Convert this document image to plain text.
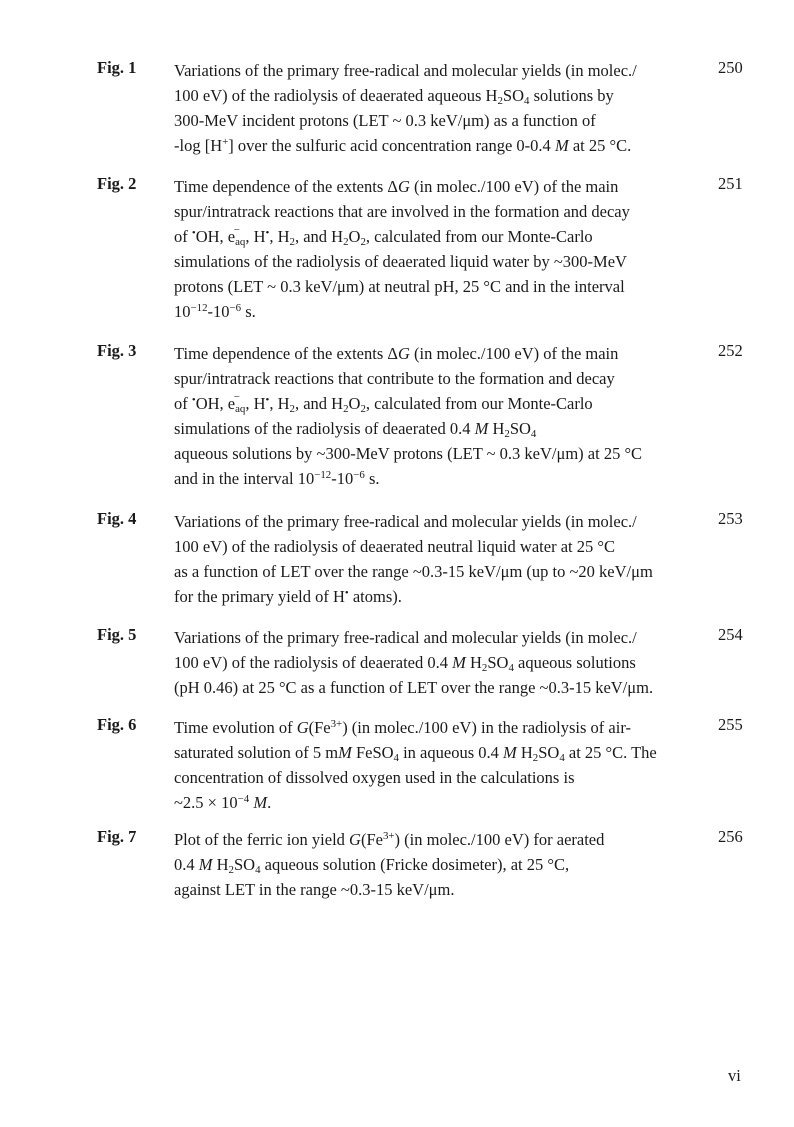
Fig. 1 Variations of the primary free-radical and molecular yields (in molec./
100 eV) of the radiolysis of deaerated aqueous $H_2SO_4$ solutions by
300-MeV incident protons (LET ~ 0.3 keV/μm) as a function of
-log [H+] over the sulfuric acid concentration range 0-0.4 M at 25 °C.
250
Fig. 2 Time dependence of the extents ΔG (in molec./100 eV) of the main
spur/intratrack reactions that are involved in the formation and decay
of •OH, $e_{aq}$
− , H•, $H_2$, and $H_2O_2$, calculated from our Monte-Carlo
simulations of the radiolysis of deaerated liquid water by ~300-MeV
protons (LET ~ 0.3 keV/μm) at neutral pH, 25 °C and in the interval
$10^{-12}-10^{-6}$ s.
251
Fig. 3 Time dependence of the extents ΔG (in molec./100 eV) of the main
spur/intratrack reactions that contribute to the formation and decay
of •OH, $e_{aq}$
− , H•, $H_2$, and $H_2O_2$, calculated from our Monte-Carlo
simulations of the radiolysis of deaerated 0.4 M $H_2SO_4$
aqueous solutions by ~300-MeV protons (LET ~ 0.3 keV/μm) at 25 °C
and in the interval $10^{-12}-10^{-6}$ s.
252
Fig. 4 Variations of the primary free-radical and molecular yields (in molec./
100 eV) of the radiolysis of deaerated neutral liquid water at 25 °C
as a function of LET over the range ~0.3-15 keV/μm (up to ~20 keV/μm
for the primary yield of H• atoms).
253
Fig. 5 Variations of the primary free-radical and molecular yields (in molec./
100 eV) of the radiolysis of deaerated 0.4 M $H_2SO_4$ aqueous solutions
(pH 0.46) at 25 °C as a function of LET over the range ~0.3-15 keV/μm.
254
Fig. 6 Time evolution of $G(Fe^{3+})$ (in molec./100 eV) in the radiolysis of air-
saturated solution of 5 mM FeSO$_4$ in aqueous 0.4 M $H_2SO_4$ at 25 °C. The
concentration of dissolved oxygen used in the calculations is
~2.5 × $10^{-4}$ M.
255
Fig. 7 Plot of the ferric ion yield $G(Fe^{3+})$ (in molec./100 eV) for aerated
0.4 M $H_2SO_4$ aqueous solution (Fricke dosimeter), at 25 °C,
against LET in the range ~0.3-15 keV/μm.
256
vi
